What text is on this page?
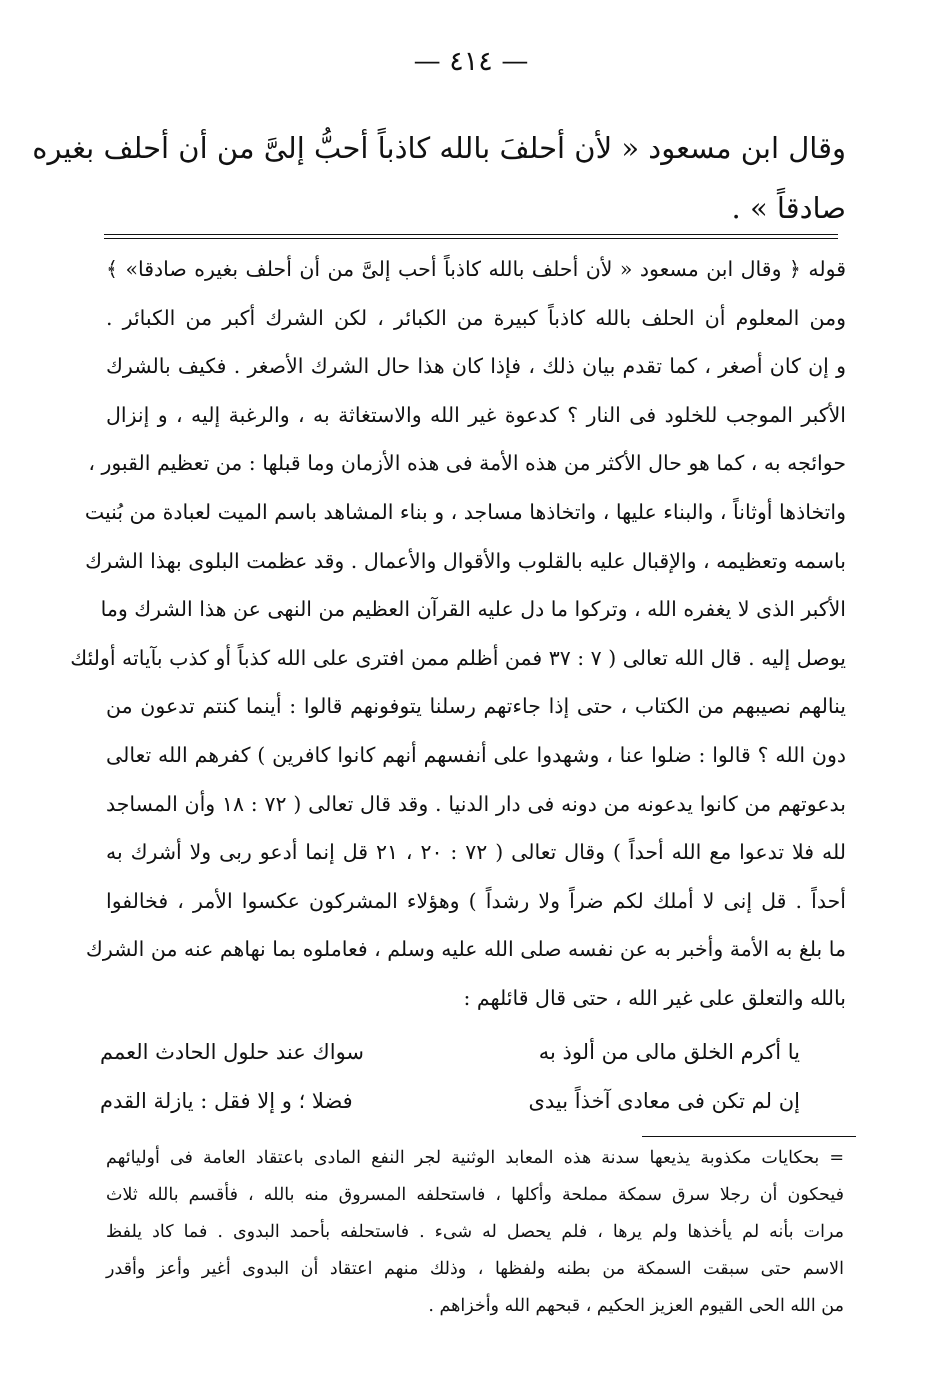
— ٤١٤ —
وقال ابن مسعود « لأن أحلفَ بالله كاذباً أحبُّ إلىَّ من أن أحلف بغيره
صادقاً » .
قوله ﴿ وقال ابن مسعود « لأن أحلف بالله كاذباً أحب إلىَّ من أن أحلف بغيره صادقا» ﴾
ومن المعلوم أن الحلف بالله كاذباً كبيرة من الكبائر ، لكن الشرك أكبر من الكبائر .
و إن كان أصغر ، كما تقدم بيان ذلك ، فإذا كان هذا حال الشرك الأصغر . فكيف بالشرك
الأكبر الموجب للخلود فى النار ؟ كدعوة غير الله والاستغاثة به ، والرغبة إليه ، و إنزال
حوائجه به ، كما هو حال الأكثر من هذه الأمة فى هذه الأزمان وما قبلها : من تعظيم القبور ،
واتخاذها أوثاناً ، والبناء عليها ، واتخاذها مساجد ، و بناء المشاهد باسم الميت لعبادة من بُنيت
باسمه وتعظيمه ، والإقبال عليه بالقلوب والأقوال والأعمال . وقد عظمت البلوى بهذا الشرك
الأكبر الذى لا يغفره الله ، وتركوا ما دل عليه القرآن العظيم من النهى عن هذا الشرك وما
يوصل إليه . قال الله تعالى ( ٧ : ٣٧ فمن أظلم ممن افترى على الله كذباً أو كذب بآياته أولئك
ينالهم نصيبهم من الكتاب ، حتى إذا جاءتهم رسلنا يتوفونهم قالوا : أينما كنتم تدعون من
دون الله ؟ قالوا : ضلوا عنا ، وشهدوا على أنفسهم أنهم كانوا كافرين ) كفرهم الله تعالى
بدعوتهم من كانوا يدعونه من دونه فى دار الدنيا . وقد قال تعالى ( ٧٢ : ١٨ وأن المساجد
لله فلا تدعوا مع الله أحداً ) وقال تعالى ( ٧٢ : ٢٠ ، ٢١ قل إنما أدعو ربى ولا أشرك به
أحداً . قل إنى لا أملك لكم ضراً ولا رشداً ) وهؤلاء المشركون عكسوا الأمر ، فخالفوا
ما بلغ به الأمة وأخبر به عن نفسه صلى الله عليه وسلم ، فعاملوه بما نهاهم عنه من الشرك
بالله والتعلق على غير الله ، حتى قال قائلهم :
يا أكرم الخلق مالى من ألوذ به
سواك عند حلول الحادث العمم
إن لم تكن فى معادى آخذاً بيدى
فضلا ؛ و إلا فقل : يازلة القدم
= بحكايات مكذوبة يذيعها سدنة هذه المعابد الوثنية لجر النفع المادى باعتقاد العامة فى أوليائهم
فيحكون أن رجلا سرق سمكة مملحة وأكلها ، فاستحلفه المسروق منه بالله ، فأقسم بالله ثلاث
مرات بأنه لم يأخذها ولم يرها ، فلم يحصل له شىء . فاستحلفه بأحمد البدوى . فما كاد يلفظ
الاسم حتى سبقت السمكة من بطنه ولفظها ، وذلك منهم اعتقاد أن البدوى أغير وأعز وأقدر
من الله الحى القيوم العزيز الحكيم ، قبحهم الله وأخزاهم .
